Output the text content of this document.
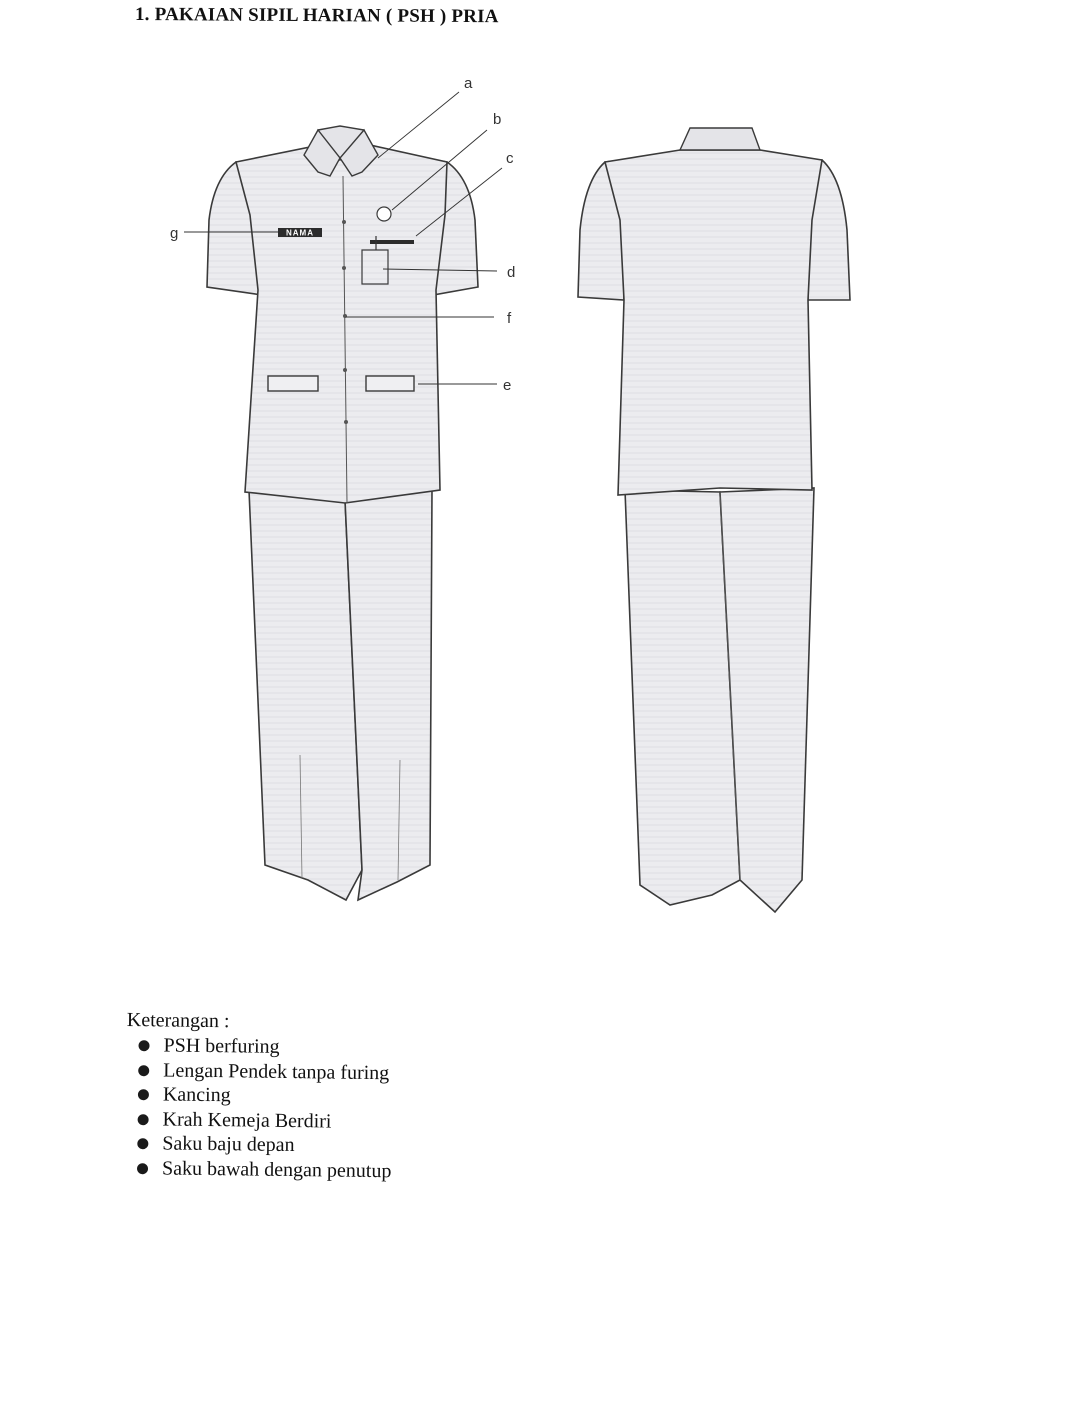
1. PAKAIAN SIPIL HARIAN ( PSH ) PRIA
NAMA
a
b
c
d
e
f
g
Keterangan :
PSH berfuring
Lengan Pendek tanpa furing
Kancing
Krah Kemeja Berdiri
Saku baju depan
Saku bawah dengan penutup
